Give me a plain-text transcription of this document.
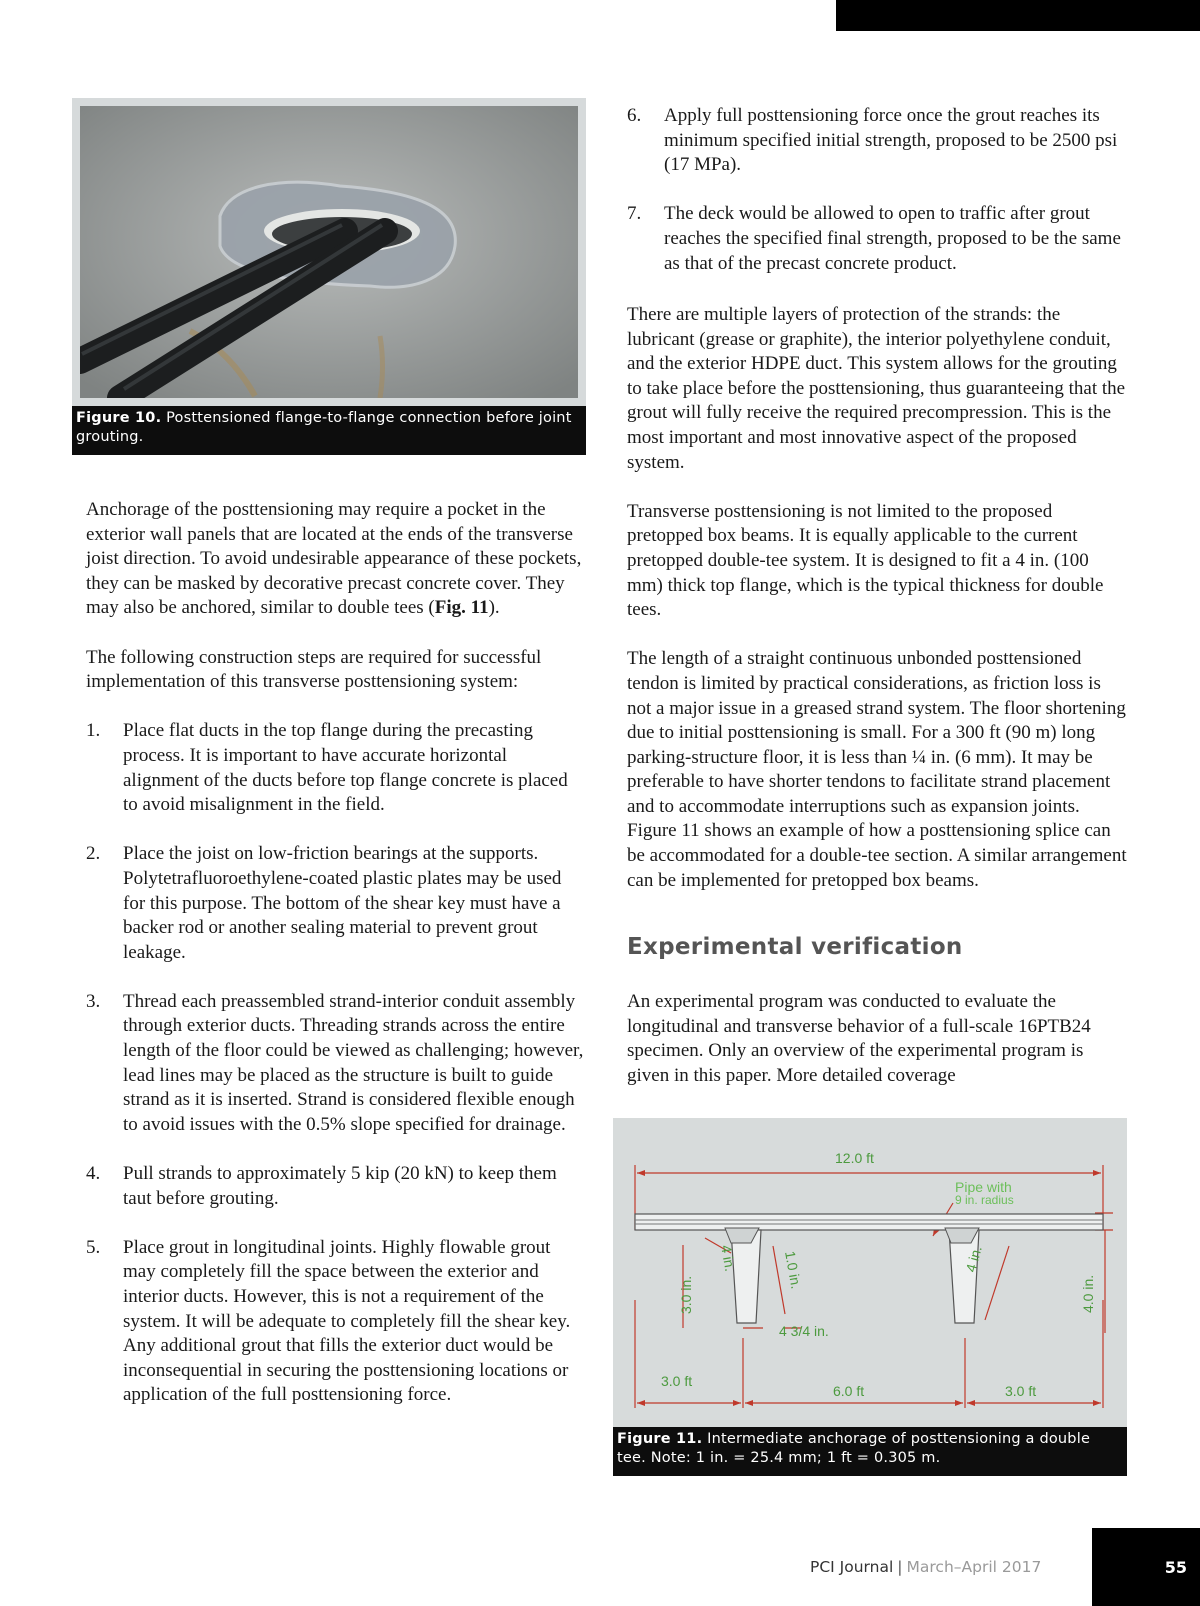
Figure 10. Posttensioned flange-to-flange connection before joint grouting.

Anchorage of the posttensioning may require a pocket in the exterior wall panels that are located at the ends of the transverse joist direction. To avoid undesirable appearance of these pockets, they can be masked by decorative precast concrete cover. They may also be anchored, similar to double tees (Fig. 11).

The following construction steps are required for successful implementation of this transverse posttensioning system:

1. Place flat ducts in the top flange during the precasting process. It is important to have accurate horizontal alignment of the ducts before top flange concrete is placed to avoid misalignment in the field.
2. Place the joist on low-friction bearings at the supports. Polytetrafluoroethylene-coated plastic plates may be used for this purpose. The bottom of the shear key must have a backer rod or another sealing material to prevent grout leakage.
3. Thread each preassembled strand-interior conduit assembly through exterior ducts. Threading strands across the entire length of the floor could be viewed as challenging; however, lead lines may be placed as the structure is built to guide strand as it is inserted. Strand is considered flexible enough to avoid issues with the 0.5% slope specified for drainage.
4. Pull strands to approximately 5 kip (20 kN) to keep them taut before grouting.
5. Place grout in longitudinal joints. Highly flowable grout may completely fill the space between the exterior and interior ducts. However, this is not a requirement of the system. It will be adequate to completely fill the shear key. Any additional grout that fills the exterior duct would be inconsequential in securing the posttensioning locations or application of the full posttensioning force.
6. Apply full posttensioning force once the grout reaches its minimum specified initial strength, proposed to be 2500 psi (17 MPa).
7. The deck would be allowed to open to traffic after grout reaches the specified final strength, proposed to be the same as that of the precast concrete product.

There are multiple layers of protection of the strands: the lubricant (grease or graphite), the interior polyethylene conduit, and the exterior HDPE duct. This system allows for the grouting to take place before the posttensioning, thus guaranteeing that the grout will fully receive the required precompression. This is the most important and most innovative aspect of the proposed system.

Transverse posttensioning is not limited to the proposed pretopped box beams. It is equally applicable to the current pretopped double-tee system. It is designed to fit a 4 in. (100 mm) thick top flange, which is the typical thickness for double tees.

The length of a straight continuous unbonded posttensioned tendon is limited by practical considerations, as friction loss is not a major issue in a greased strand system. The floor shortening due to initial posttensioning is small. For a 300 ft (90 m) long parking-structure floor, it is less than ¼ in. (6 mm). It may be preferable to have shorter tendons to facilitate strand placement and to accommodate interruptions such as expansion joints. Figure 11 shows an example of how a posttensioning splice can be accommodated for a double-tee section. A similar arrangement can be implemented for pretopped box beams.

Experimental verification

An experimental program was conducted to evaluate the longitudinal and transverse behavior of a full-scale 16PTB24 specimen. Only an overview of the experimental program is given in this paper. More detailed coverage

12.0 ft
Pipe with
9 in. radius
3.0 in.
4 in.	1.0 in.	4 in.
4.0 in.
4 3/4 in.
3.0 ft
6.0 ft	3.0 ft
Figure 11. Intermediate anchorage of posttensioning a double tee. Note: 1 in. = 25.4 mm; 1 ft = 0.305 m.
PCI Journal | March–April 2017	55
